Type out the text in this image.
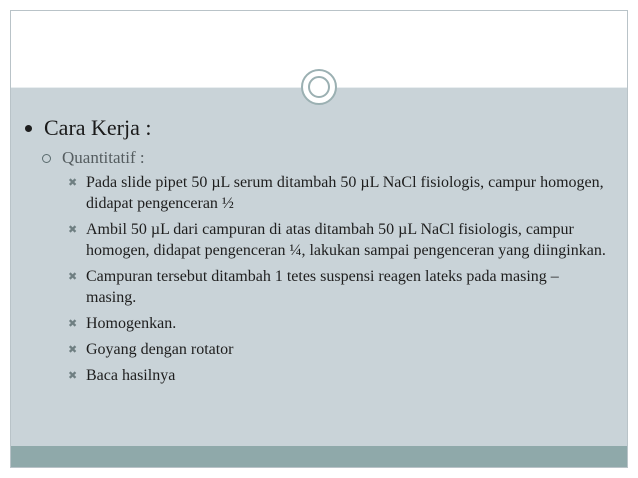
Cara Kerja :
Quantitatif :
✖ Pada slide pipet 50 µL serum ditambah 50 µL NaCl fisiologis, campur homogen, didapat pengenceran ½
✖ Ambil 50 µL dari campuran di atas ditambah 50 µL NaCl fisiologis, campur homogen, didapat pengenceran ¼, lakukan sampai pengenceran yang diinginkan.
✖ Campuran tersebut ditambah 1 tetes suspensi reagen lateks pada masing – masing.
✖ Homogenkan.
✖ Goyang dengan rotator
✖ Baca hasilnya
